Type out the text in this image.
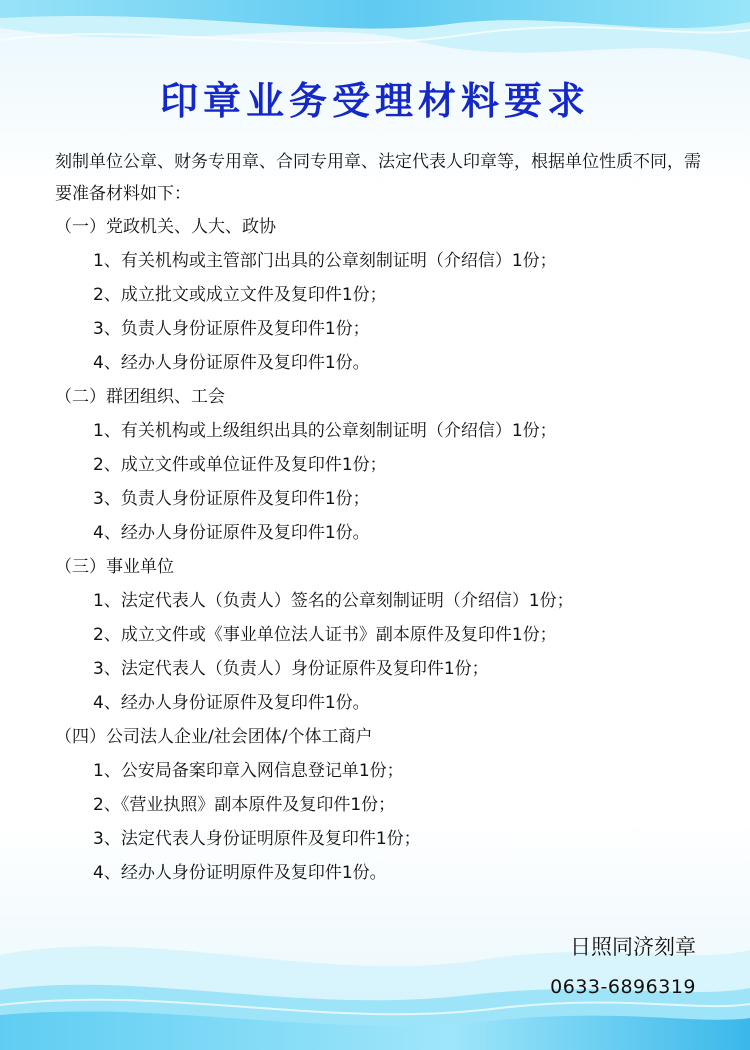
印章业务受理材料要求
刻制单位公章、财务专用章、合同专用章、法定代表人印章等，根据单位性质不同，需要准备材料如下：
（一）党政机关、人大、政协
1、有关机构或主管部门出具的公章刻制证明（介绍信）1份；
2、成立批文或成立文件及复印件1份；
3、负责人身份证原件及复印件1份；
4、经办人身份证原件及复印件1份。
（二）群团组织、工会
1、有关机构或上级组织出具的公章刻制证明（介绍信）1份；
2、成立文件或单位证件及复印件1份；
3、负责人身份证原件及复印件1份；
4、经办人身份证原件及复印件1份。
（三）事业单位
1、法定代表人（负责人）签名的公章刻制证明（介绍信）1份；
2、成立文件或《事业单位法人证书》副本原件及复印件1份；
3、法定代表人（负责人）身份证原件及复印件1份；
4、经办人身份证原件及复印件1份。
（四）公司法人企业/社会团体/个体工商户
1、公安局备案印章入网信息登记单1份；
2、《营业执照》副本原件及复印件1份；
3、法定代表人身份证明原件及复印件1份；
4、经办人身份证明原件及复印件1份。
日照同济刻章
0633-6896319
